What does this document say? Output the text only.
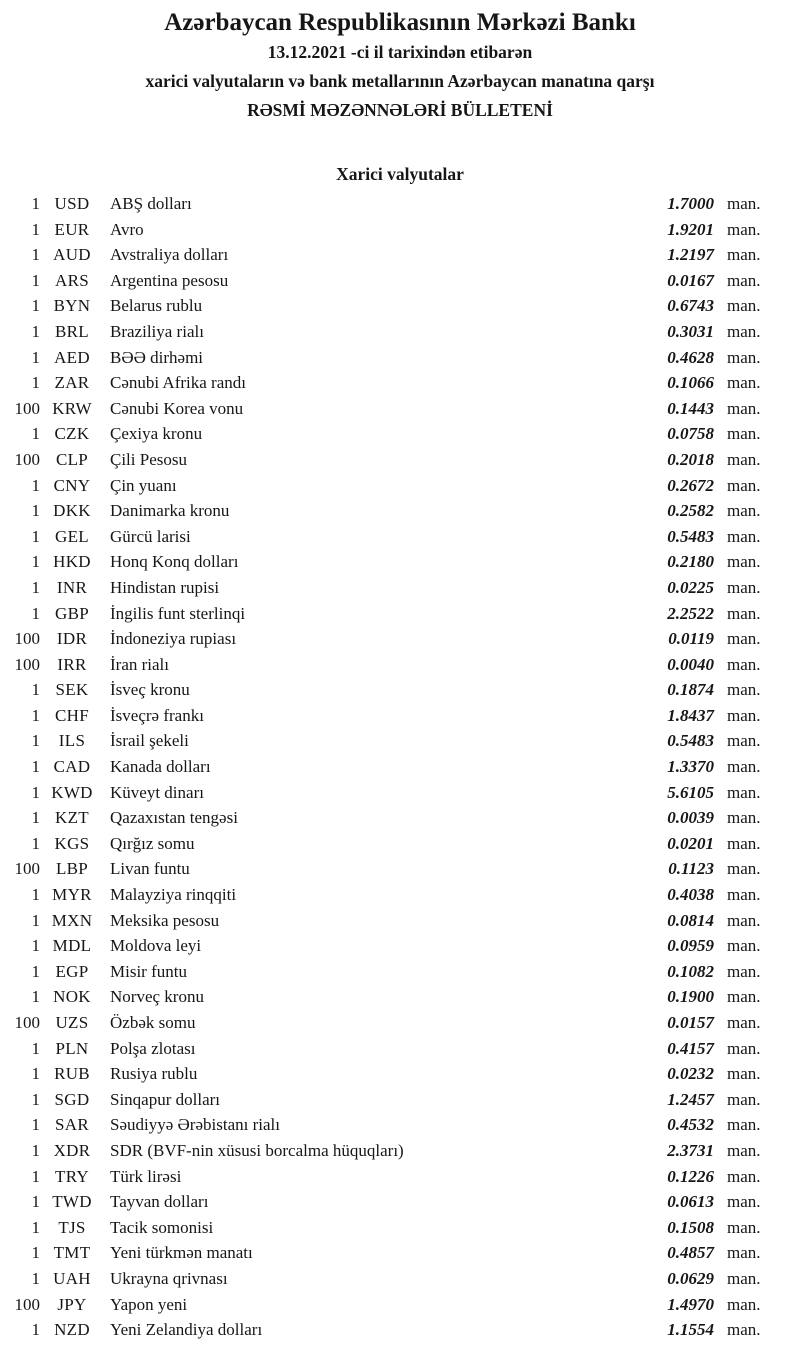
Azərbaycan Respublikasının Mərkəzi Bankı
13.12.2021 -ci il tarixindən etibarən
xarici valyutaların və bank metallarının Azərbaycan manatına qarşı
RƏSMİ MƏZƏNNƏLƏRİ BÜLLETENİ
Xarici valyutalar
1 USD	ABŞ dolları	1.7000 man.
1 EUR	Avro	1.9201 man.
1 AUD	Avstraliya dolları	1.2197 man.
1 ARS	Argentina pesosu	0.0167 man.
1 BYN	Belarus rublu	0.6743 man.
1 BRL	Braziliya rialı	0.3031 man.
1 AED	BƏƏ dirhəmi	0.4628 man.
1 ZAR	Cənubi Afrika randı	0.1066 man.
100 KRW	Cənubi Korea vonu	0.1443 man.
1 CZK	Çexiya kronu	0.0758 man.
100 CLP	Çili Pesosu	0.2018 man.
1 CNY	Çin yuanı	0.2672 man.
1 DKK	Danimarka kronu	0.2582 man.
1 GEL	Gürcü larisi	0.5483 man.
1 HKD	Honq Konq dolları	0.2180 man.
1 INR	Hindistan rupisi	0.0225 man.
1 GBP	İngilis funt sterlinqi	2.2522 man.
100 IDR	İndoneziya rupiası	0.0119 man.
100	IRR	İran rialı	0.0040 man.
1 SEK	İsveç kronu	0.1874 man.
1 CHF	İsveçrə frankı	1.8437 man.
1	ILS	İsrail şekeli	0.5483 man.
1 CAD	Kanada dolları	1.3370 man.
1 KWD	Küveyt dinarı	5.6105 man.
1 KZT	Qazaxıstan tengəsi	0.0039 man.
1 KGS	Qırğız somu	0.0201 man.
100 LBP	Livan funtu	0.1123 man.
1 MYR	Malayziya rinqqiti	0.4038 man.
1 MXN	Meksika pesosu	0.0814 man.
1 MDL	Moldova leyi	0.0959 man.
1 EGP	Misir funtu	0.1082 man.
1 NOK	Norveç kronu	0.1900 man.
100 UZS	Özbək somu	0.0157 man.
1 PLN	Polşa zlotası	0.4157 man.
1 RUB	Rusiya rublu	0.0232 man.
1 SGD	Sinqapur dolları	1.2457 man.
1 SAR	Səudiyyə Ərəbistanı rialı	0.4532 man.
1 XDR	SDR (BVF-nin xüsusi borcalma hüquqları)	2.3731 man.
1 TRY	Türk lirəsi	0.1226 man.
1 TWD	Tayvan dolları	0.0613 man.
1	TJS	Tacik somonisi	0.1508 man.
1 TMT	Yeni türkmən manatı	0.4857 man.
1 UAH	Ukrayna qrivnası	0.0629 man.
100	JPY	Yapon yeni	1.4970 man.
1 NZD	Yeni Zelandiya dolları	1.1554 man.
